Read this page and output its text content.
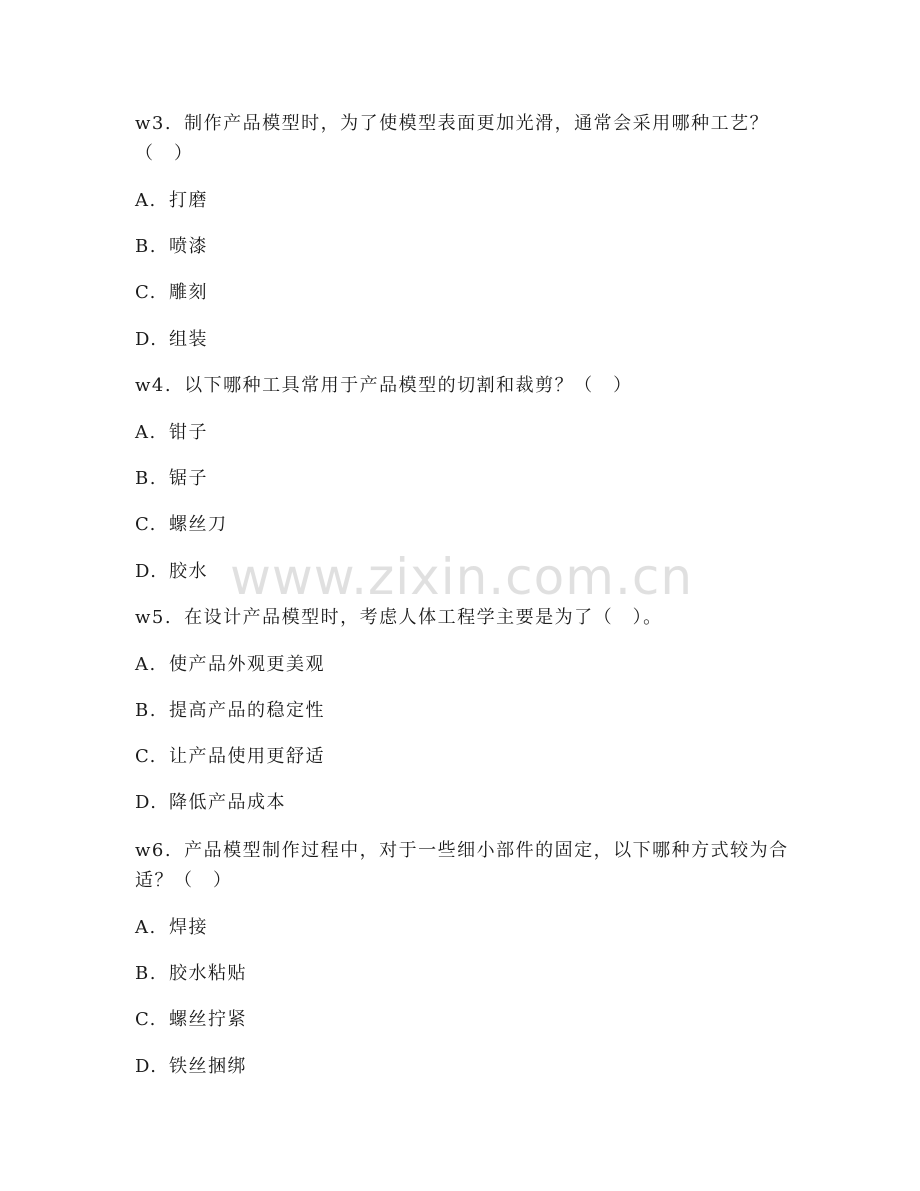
w3. 制作产品模型时，为了使模型表面更加光滑，通常会采用哪种工艺？（　）
A. 打磨
B. 喷漆
C. 雕刻
D. 组装
w4. 以下哪种工具常用于产品模型的切割和裁剪？（　）
A. 钳子
B. 锯子
C. 螺丝刀
D. 胶水
w5. 在设计产品模型时，考虑人体工程学主要是为了（　）。
A. 使产品外观更美观
B. 提高产品的稳定性
C. 让产品使用更舒适
D. 降低产品成本
w6. 产品模型制作过程中，对于一些细小部件的固定，以下哪种方式较为合适？（　）
A. 焊接
B. 胶水粘贴
C. 螺丝拧紧
D. 铁丝捆绑
www.zixin.com.cn
